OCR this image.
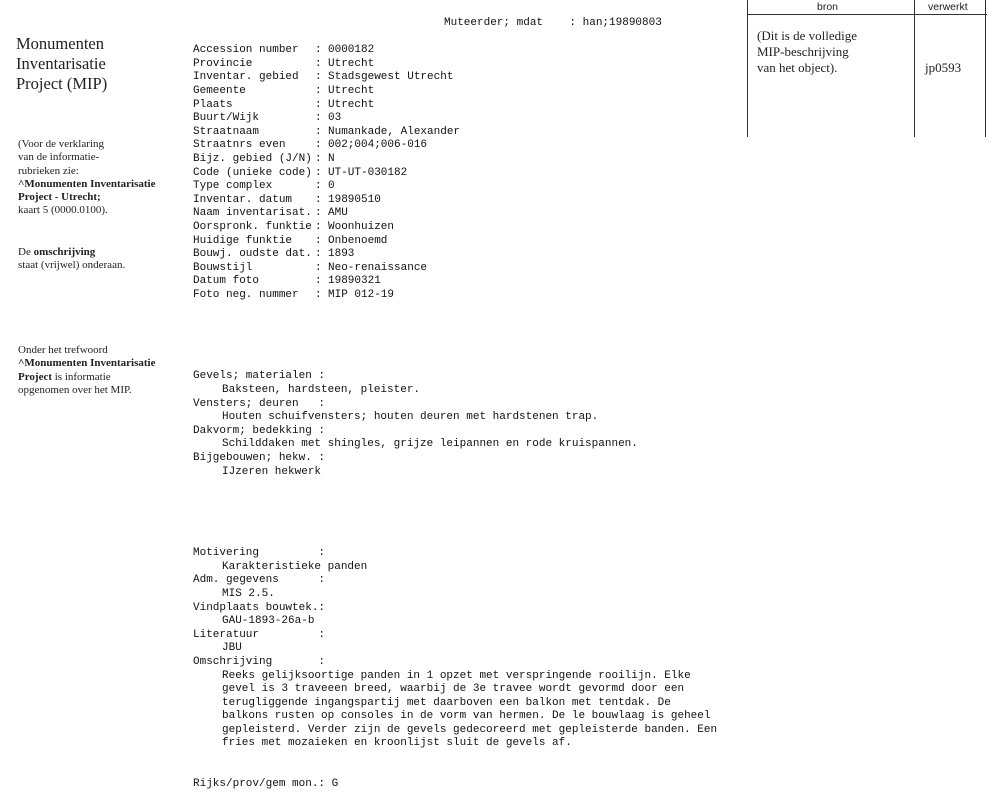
Monumenten
Inventarisatie
Project (MIP)
(Voor de verklaring
van de informatie-
rubrieken zie:
^Monumenten Inventarisatie
Project - Utrecht;
kaart 5 (0000.0100).
De omschrijving
staat (vrijwel) onderaan.
Onder het trefwoord
^Monumenten Inventarisatie
Project is informatie
opgenomen over het MIP.
Muteerder; mdat    : han;19890803

Accession number : 0000182
Provincie	: Utrecht
Inventar. gebied : Stadsgewest Utrecht
Gemeente	: Utrecht
Plaats	: Utrecht
Buurt/Wijk	: 03
Straatnaam	: Numankade, Alexander
Straatnrs even	: 002;004;006-016
Bijz. gebied (J/N) : N
Code (unieke code) : UT-UT-030182
Type complex	: 0
Inventar. datum : 19890510
Naam inventarisat. : AMU
Oorspronk. funktie : Woonhuizen
Huidige funktie : Onbenoemd
Bouwj. oudste dat. : 1893
Bouwstijl	: Neo-renaissance
Datum foto	: 19890321
Foto neg. nummer : MIP 012-19

Gevels; materialen :
Baksteen, hardsteen, pleister.
Vensters; deuren   :
Houten schuifvensters; houten deuren met hardstenen trap.
Dakvorm; bedekking :
Schilddaken met shingles, grijze leipannen en rode kruispannen.
Bijgebouwen; hekw. :
IJzeren hekwerk

Motivering         :
Karakteristieke panden
Adm. gegevens      :
MIS 2.5.
Vindplaats bouwtek.:
GAU-1893-26a-b
Literatuur         :
JBU
Omschrijving       :
Reeks gelijksoortige panden in 1 opzet met verspringende rooilijn. Elke
gevel is 3 traveeen breed, waarbij de 3e travee wordt gevormd door een
terugliggende ingangspartij met daarboven een balkon met tentdak. De
balkons rusten op consoles in de vorm van hermen. De le bouwlaag is geheel
gepleisterd. Verder zijn de gevels gedecoreerd met gepleisterde banden. Een
fries met mozaieken en kroonlijst sluit de gevels af.

Rijks/prov/gem mon.: G

bron	verwerkt
(Dit is de volledige
MIP-beschrijving
van het object).	jp0593
